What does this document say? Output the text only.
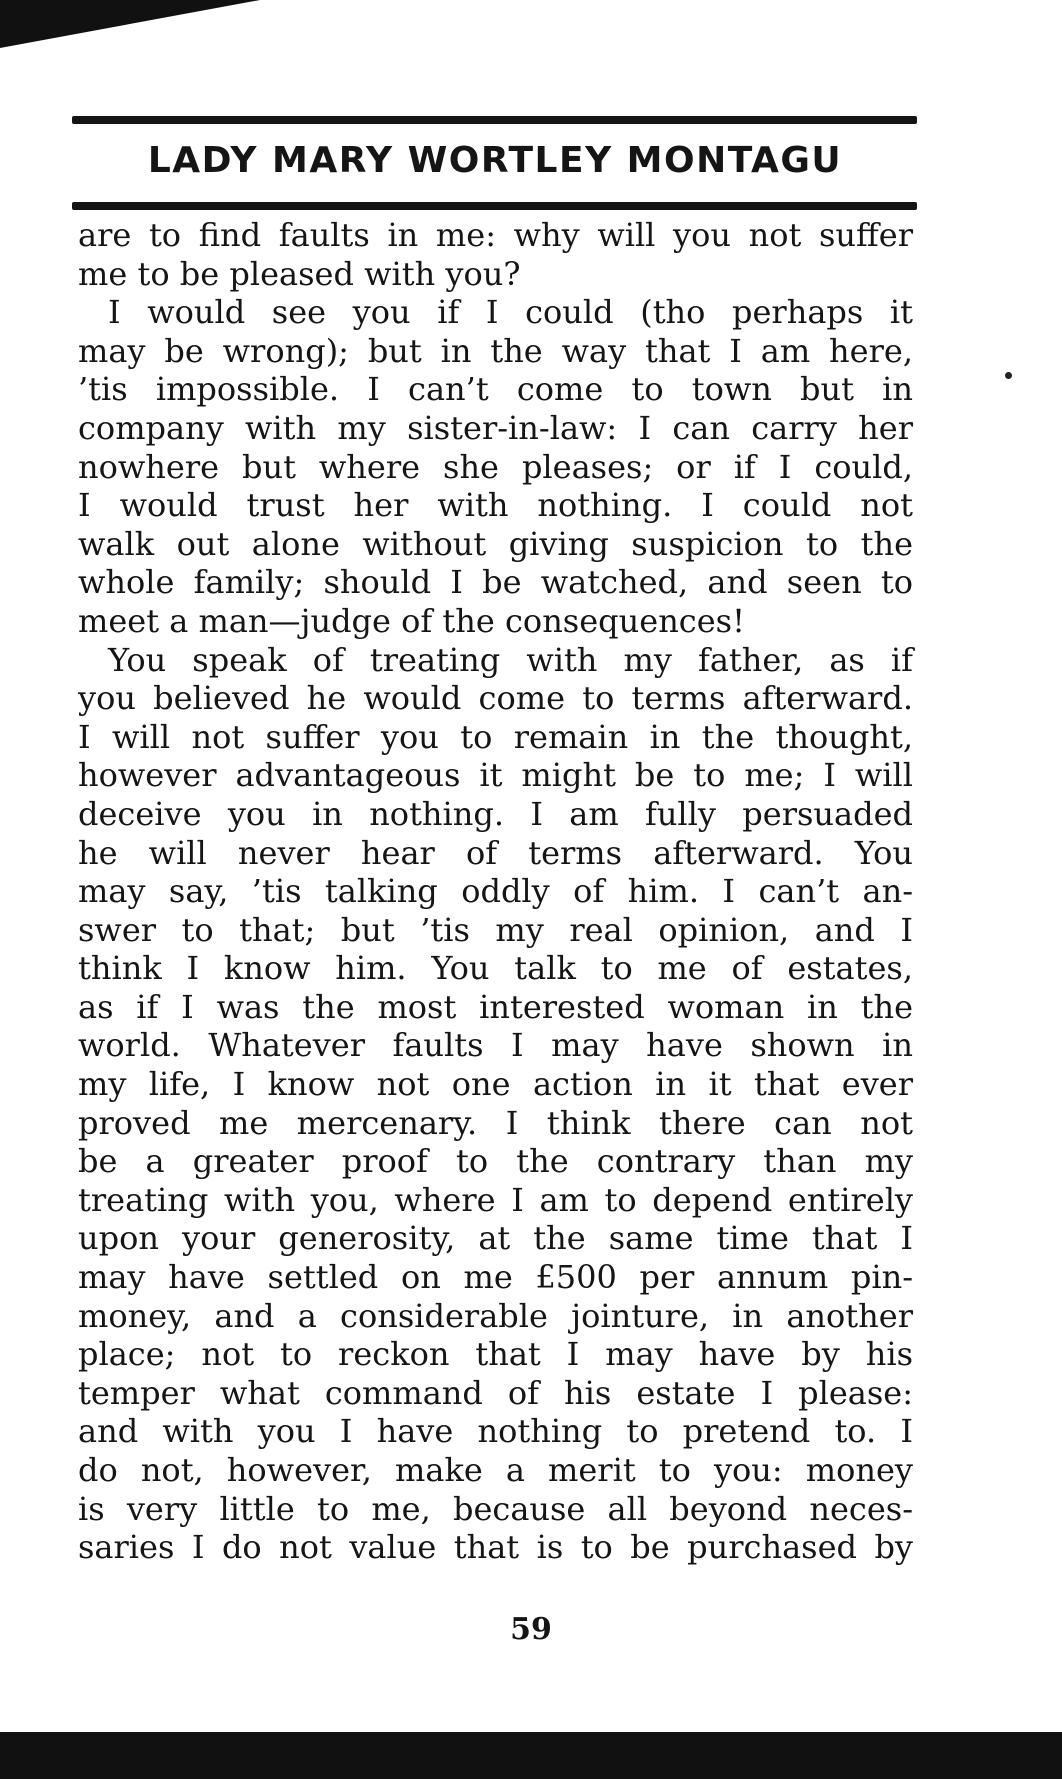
LADY MARY WORTLEY MONTAGU
are to find faults in me: why will you not suffer
me to be pleased with you?
I would see you if I could (tho perhaps it
may be wrong); but in the way that I am here,
’tis impossible. I can’t come to town but in
company with my sister-in-law: I can carry her
nowhere but where she pleases; or if I could,
I would trust her with nothing. I could not
walk out alone without giving suspicion to the
whole family; should I be watched, and seen to
meet a man—judge of the consequences!
You speak of treating with my father, as if
you believed he would come to terms afterward.
I will not suffer you to remain in the thought,
however advantageous it might be to me; I will
deceive you in nothing. I am fully persuaded
he will never hear of terms afterward. You
may say, ’tis talking oddly of him. I can’t an-
swer to that; but ’tis my real opinion, and I
think I know him. You talk to me of estates,
as if I was the most interested woman in the
world. Whatever faults I may have shown in
my life, I know not one action in it that ever
proved me mercenary. I think there can not
be a greater proof to the contrary than my
treating with you, where I am to depend entirely
upon your generosity, at the same time that I
may have settled on me £500 per annum pin-
money, and a considerable jointure, in another
place; not to reckon that I may have by his
temper what command of his estate I please:
and with you I have nothing to pretend to. I
do not, however, make a merit to you: money
is very little to me, because all beyond neces-
saries I do not value that is to be purchased by
59
